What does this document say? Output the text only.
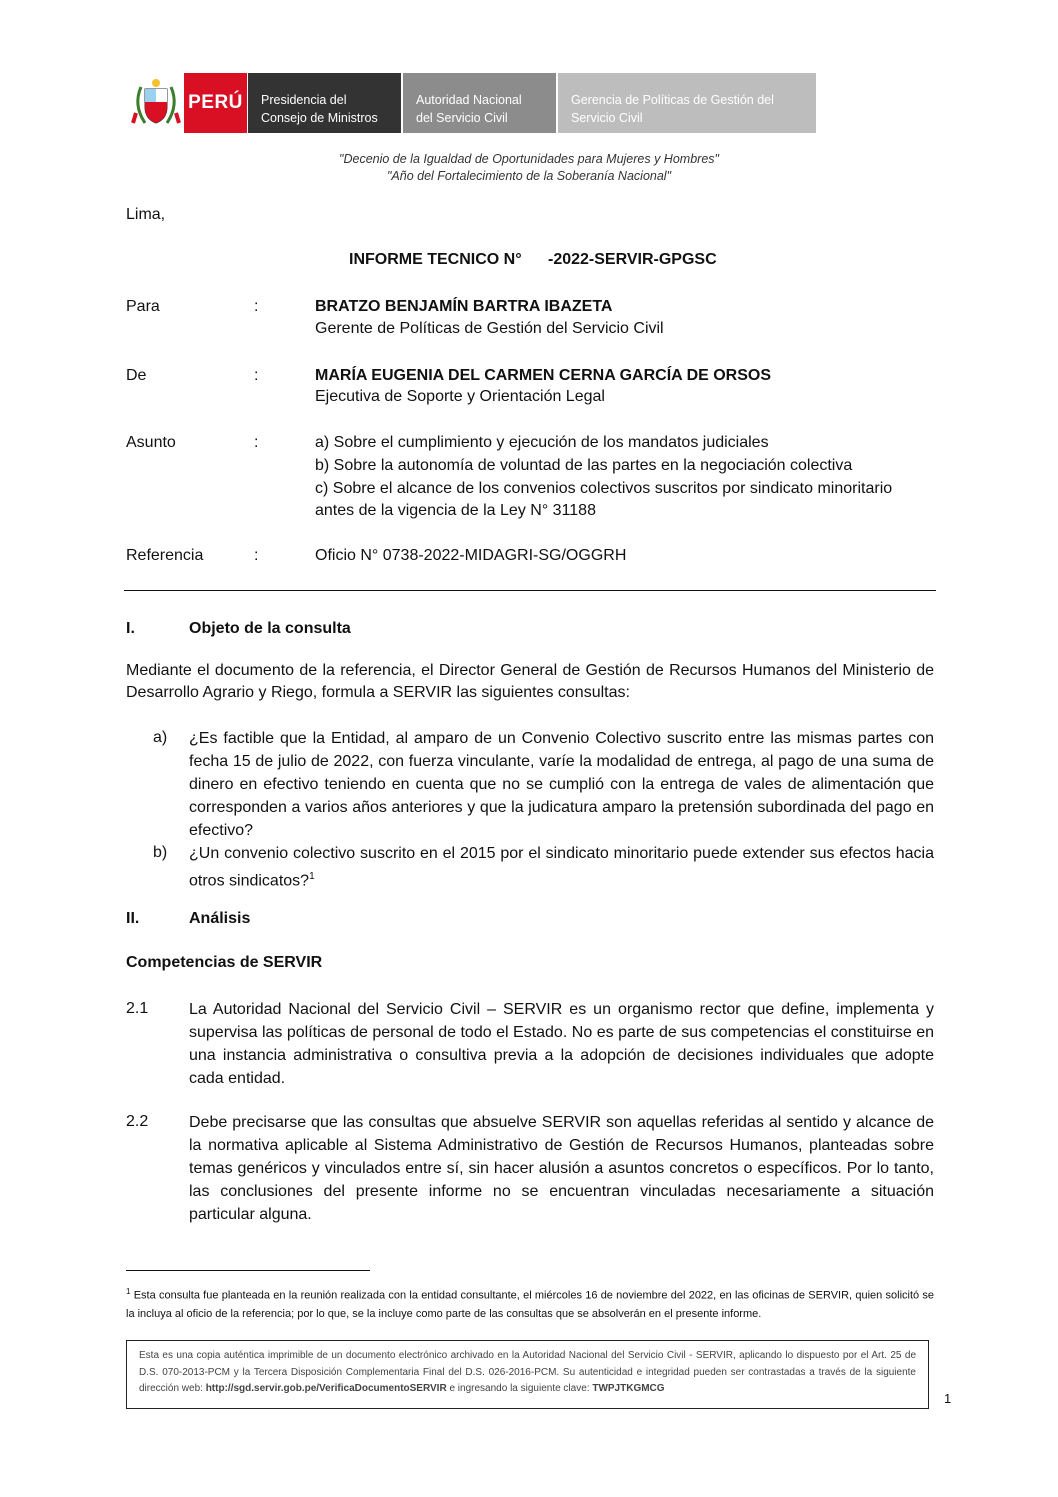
PERÚ	Presidencia del
Consejo de Ministros
Autoridad Nacional
del Servicio Civil
Gerencia de Políticas de Gestión del
Servicio Civil
"Decenio de la Igualdad de Oportunidades para Mujeres y Hombres"
"Año del Fortalecimiento de la Soberanía Nacional"
Lima,
INFORME TECNICO N° -2022-SERVIR-GPGSC
Para	:	BRATZO BENJAMÍN BARTRA IBAZETA
Gerente de Políticas de Gestión del Servicio Civil
De	:	MARÍA EUGENIA DEL CARMEN CERNA GARCÍA DE ORSOS
Ejecutiva de Soporte y Orientación Legal
Asunto	:	a) Sobre el cumplimiento y ejecución de los mandatos judiciales
b) Sobre la autonomía de voluntad de las partes en la negociación colectiva
c) Sobre el alcance de los convenios colectivos suscritos por sindicato minoritario
antes de la vigencia de la Ley N° 31188
Referencia	:	Oficio N° 0738-2022-MIDAGRI-SG/OGGRH
I.	Objeto de la consulta
Mediante el documento de la referencia, el Director General de Gestión de Recursos Humanos del Ministerio de Desarrollo Agrario y Riego, formula a SERVIR las siguientes consultas:
a) ¿Es factible que la Entidad, al amparo de un Convenio Colectivo suscrito entre las mismas partes con fecha 15 de julio de 2022, con fuerza vinculante, varíe la modalidad de entrega, al pago de una suma de dinero en efectivo teniendo en cuenta que no se cumplió con la entrega de vales de alimentación que corresponden a varios años anteriores y que la judicatura amparo la pretensión subordinada del pago en efectivo?
b) ¿Un convenio colectivo suscrito en el 2015 por el sindicato minoritario puede extender sus efectos hacia otros sindicatos?$^1$
II.	Análisis
Competencias de SERVIR
2.1	La Autoridad Nacional del Servicio Civil – SERVIR es un organismo rector que define, implementa y supervisa las políticas de personal de todo el Estado. No es parte de sus competencias el constituirse en una instancia administrativa o consultiva previa a la adopción de decisiones individuales que adopte cada entidad.
2.2	Debe precisarse que las consultas que absuelve SERVIR son aquellas referidas al sentido y alcance de la normativa aplicable al Sistema Administrativo de Gestión de Recursos Humanos, planteadas sobre temas genéricos y vinculados entre sí, sin hacer alusión a asuntos concretos o específicos. Por lo tanto, las conclusiones del presente informe no se encuentran vinculadas necesariamente a situación particular alguna.
$^1$ Esta consulta fue planteada en la reunión realizada con la entidad consultante, el miércoles 16 de noviembre del 2022, en las oficinas de SERVIR, quien solicitó se la incluya al oficio de la referencia; por lo que, se la incluye como parte de las consultas que se absolverán en el presente informe.
Esta es una copia auténtica imprimible de un documento electrónico archivado en la Autoridad Nacional del Servicio Civil - SERVIR, aplicando lo dispuesto por el Art. 25 de D.S. 070-2013-PCM y la Tercera Disposición Complementaria Final del D.S. 026-2016-PCM. Su autenticidad e integridad pueden ser contrastadas a través de la siguiente dirección web: http://sgd.servir.gob.pe/VerificaDocumentoSERVIR e ingresando la siguiente clave: TWPJTKGMCG
1
